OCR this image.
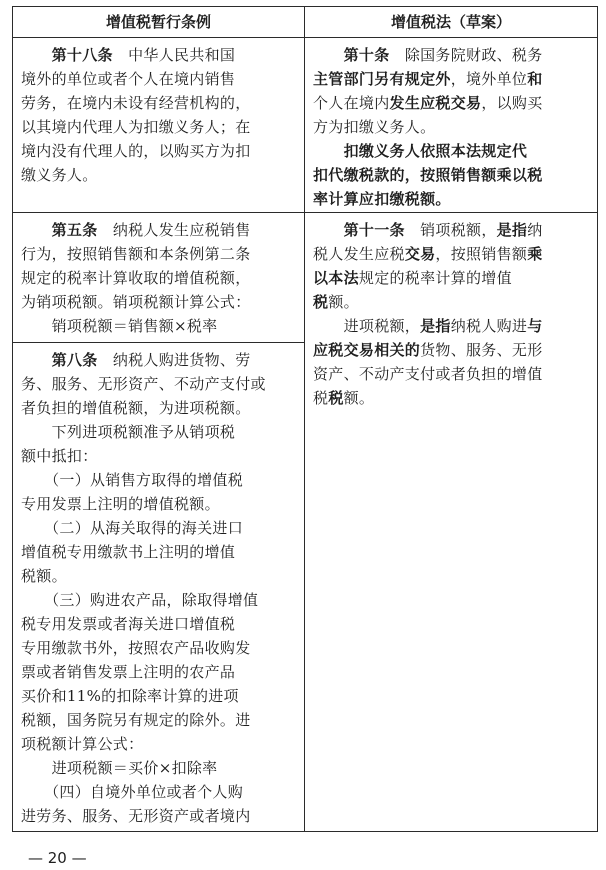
增值税暂行条例	增值税法（草案）
　　第十八条　中华人民共和国
境外的单位或者个人在境内销售
劳务，在境内未设有经营机构的，
以其境内代理人为扣缴义务人；在
境内没有代理人的，以购买方为扣
缴义务人。
　　第十条　除国务院财政、税务
主管部门另有规定外，境外单位和
个人在境内发生应税交易，以购买
方为扣缴义务人。
　　扣缴义务人依照本法规定代
扣代缴税款的，按照销售额乘以税
率计算应扣缴税额。
　　第五条　纳税人发生应税销售
行为，按照销售额和本条例第二条
规定的税率计算收取的增值税额，
为销项税额。销项税额计算公式：
　　销项税额＝销售额×税率
　　第八条　纳税人购进货物、劳
务、服务、无形资产、不动产支付或
者负担的增值税额，为进项税额。
　　下列进项税额准予从销项税
额中抵扣：
　　（一）从销售方取得的增值税
专用发票上注明的增值税额。
　　（二）从海关取得的海关进口
增值税专用缴款书上注明的增值
税额。
　　（三）购进农产品，除取得增值
税专用发票或者海关进口增值税
专用缴款书外，按照农产品收购发
票或者销售发票上注明的农产品
买价和11%的扣除率计算的进项
税额，国务院另有规定的除外。进
项税额计算公式：
　　进项税额＝买价×扣除率
　　（四）自境外单位或者个人购
进劳务、服务、无形资产或者境内
　　第十一条　销项税额，是指纳
税人发生应税交易，按照销售额乘
以本法规定的税率计算的增值
税额。
　　进项税额，是指纳税人购进与
应税交易相关的货物、服务、无形
资产、不动产支付或者负担的增值
税税额。
— 20 —
